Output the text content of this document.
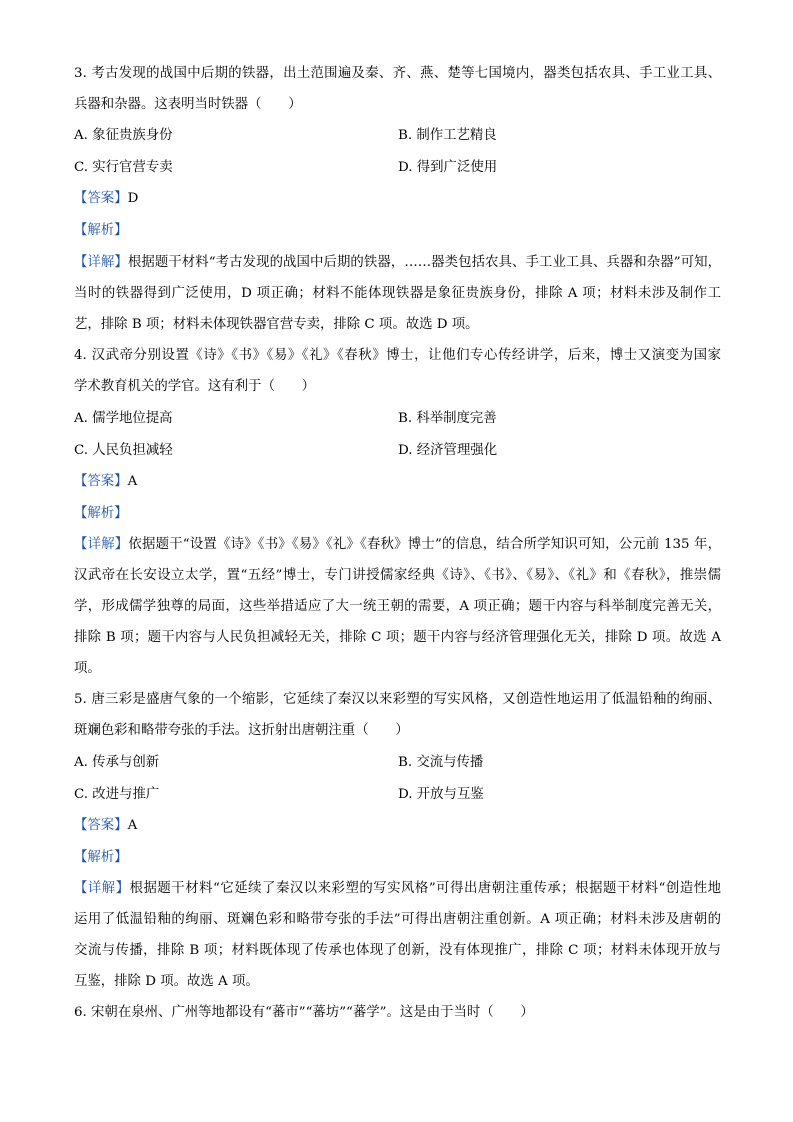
3. 考古发现的战国中后期的铁器，出土范围遍及秦、齐、燕、楚等七国境内，器类包括农具、手工业工具、
兵器和杂器。这表明当时铁器（　　）
A. 象征贵族身份	B. 制作工艺精良
C. 实行官营专卖	D. 得到广泛使用
【答案】D
【解析】
【详解】根据题干材料“考古发现的战国中后期的铁器，……器类包括农具、手工业工具、兵器和杂器”可知，
当时的铁器得到广泛使用，D 项正确；材料不能体现铁器是象征贵族身份，排除 A 项；材料未涉及制作工
艺，排除 B 项；材料未体现铁器官营专卖，排除 C 项。故选 D 项。
4. 汉武帝分别设置《诗》《书》《易》《礼》《春秋》博士，让他们专心传经讲学，后来，博士又演变为国家
学术教育机关的学官。这有利于（　　）
A. 儒学地位提高	B. 科举制度完善
C. 人民负担减轻	D. 经济管理强化
【答案】A
【解析】
【详解】依据题干“设置《诗》《书》《易》《礼》《春秋》博士”的信息，结合所学知识可知，公元前 135 年，
汉武帝在长安设立太学，置“五经”博士，专门讲授儒家经典《诗》、《书》、《易》、《礼》和《春秋》，推崇儒
学，形成儒学独尊的局面，这些举措适应了大一统王朝的需要，A 项正确；题干内容与科举制度完善无关，
排除 B 项；题干内容与人民负担减轻无关，排除 C 项；题干内容与经济管理强化无关，排除 D 项。故选 A
项。
5. 唐三彩是盛唐气象的一个缩影，它延续了秦汉以来彩塑的写实风格，又创造性地运用了低温铅釉的绚丽、
斑斓色彩和略带夸张的手法。这折射出唐朝注重（　　）
A. 传承与创新	B. 交流与传播
C. 改进与推广	D. 开放与互鉴
【答案】A
【解析】
【详解】根据题干材料“它延续了秦汉以来彩塑的写实风格”可得出唐朝注重传承；根据题干材料“创造性地
运用了低温铅釉的绚丽、斑斓色彩和略带夸张的手法”可得出唐朝注重创新。A 项正确；材料未涉及唐朝的
交流与传播，排除 B 项；材料既体现了传承也体现了创新，没有体现推广，排除 C 项；材料未体现开放与
互鉴，排除 D 项。故选 A 项。
6. 宋朝在泉州、广州等地都设有“蕃市”“蕃坊”“蕃学”。这是由于当时（　　）
